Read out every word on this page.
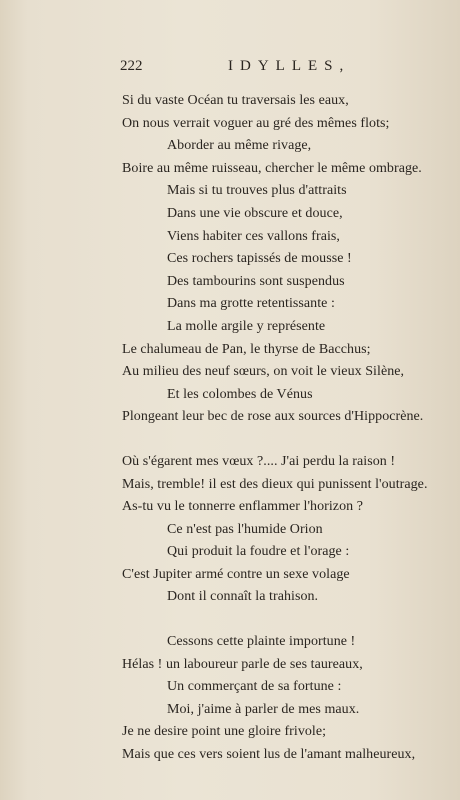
222	IDYLLES,
Si du vaste Océan tu traversais les eaux,
On nous verrait voguer au gré des mêmes flots;
Aborder au même rivage,
Boire au même ruisseau, chercher le même ombrage.
Mais si tu trouves plus d'attraits
Dans une vie obscure et douce,
Viens habiter ces vallons frais,
Ces rochers tapissés de mousse !
Des tambourins sont suspendus
Dans ma grotte retentissante :
La molle argile y représente
Le chalumeau de Pan, le thyrse de Bacchus;
Au milieu des neuf sœurs, on voit le vieux Silène,
Et les colombes de Vénus
Plongeant leur bec de rose aux sources d'Hippocrène.
Où s'égarent mes vœux ?.... J'ai perdu la raison !
Mais, tremble! il est des dieux qui punissent l'outrage.
As-tu vu le tonnerre enflammer l'horizon ?
Ce n'est pas l'humide Orion
Qui produit la foudre et l'orage :
C'est Jupiter armé contre un sexe volage
Dont il connaît la trahison.
Cessons cette plainte importune !
Hélas ! un laboureur parle de ses taureaux,
Un commerçant de sa fortune :
Moi, j'aime à parler de mes maux.
Je ne desire point une gloire frivole;
Mais que ces vers soient lus de l'amant malheureux,
